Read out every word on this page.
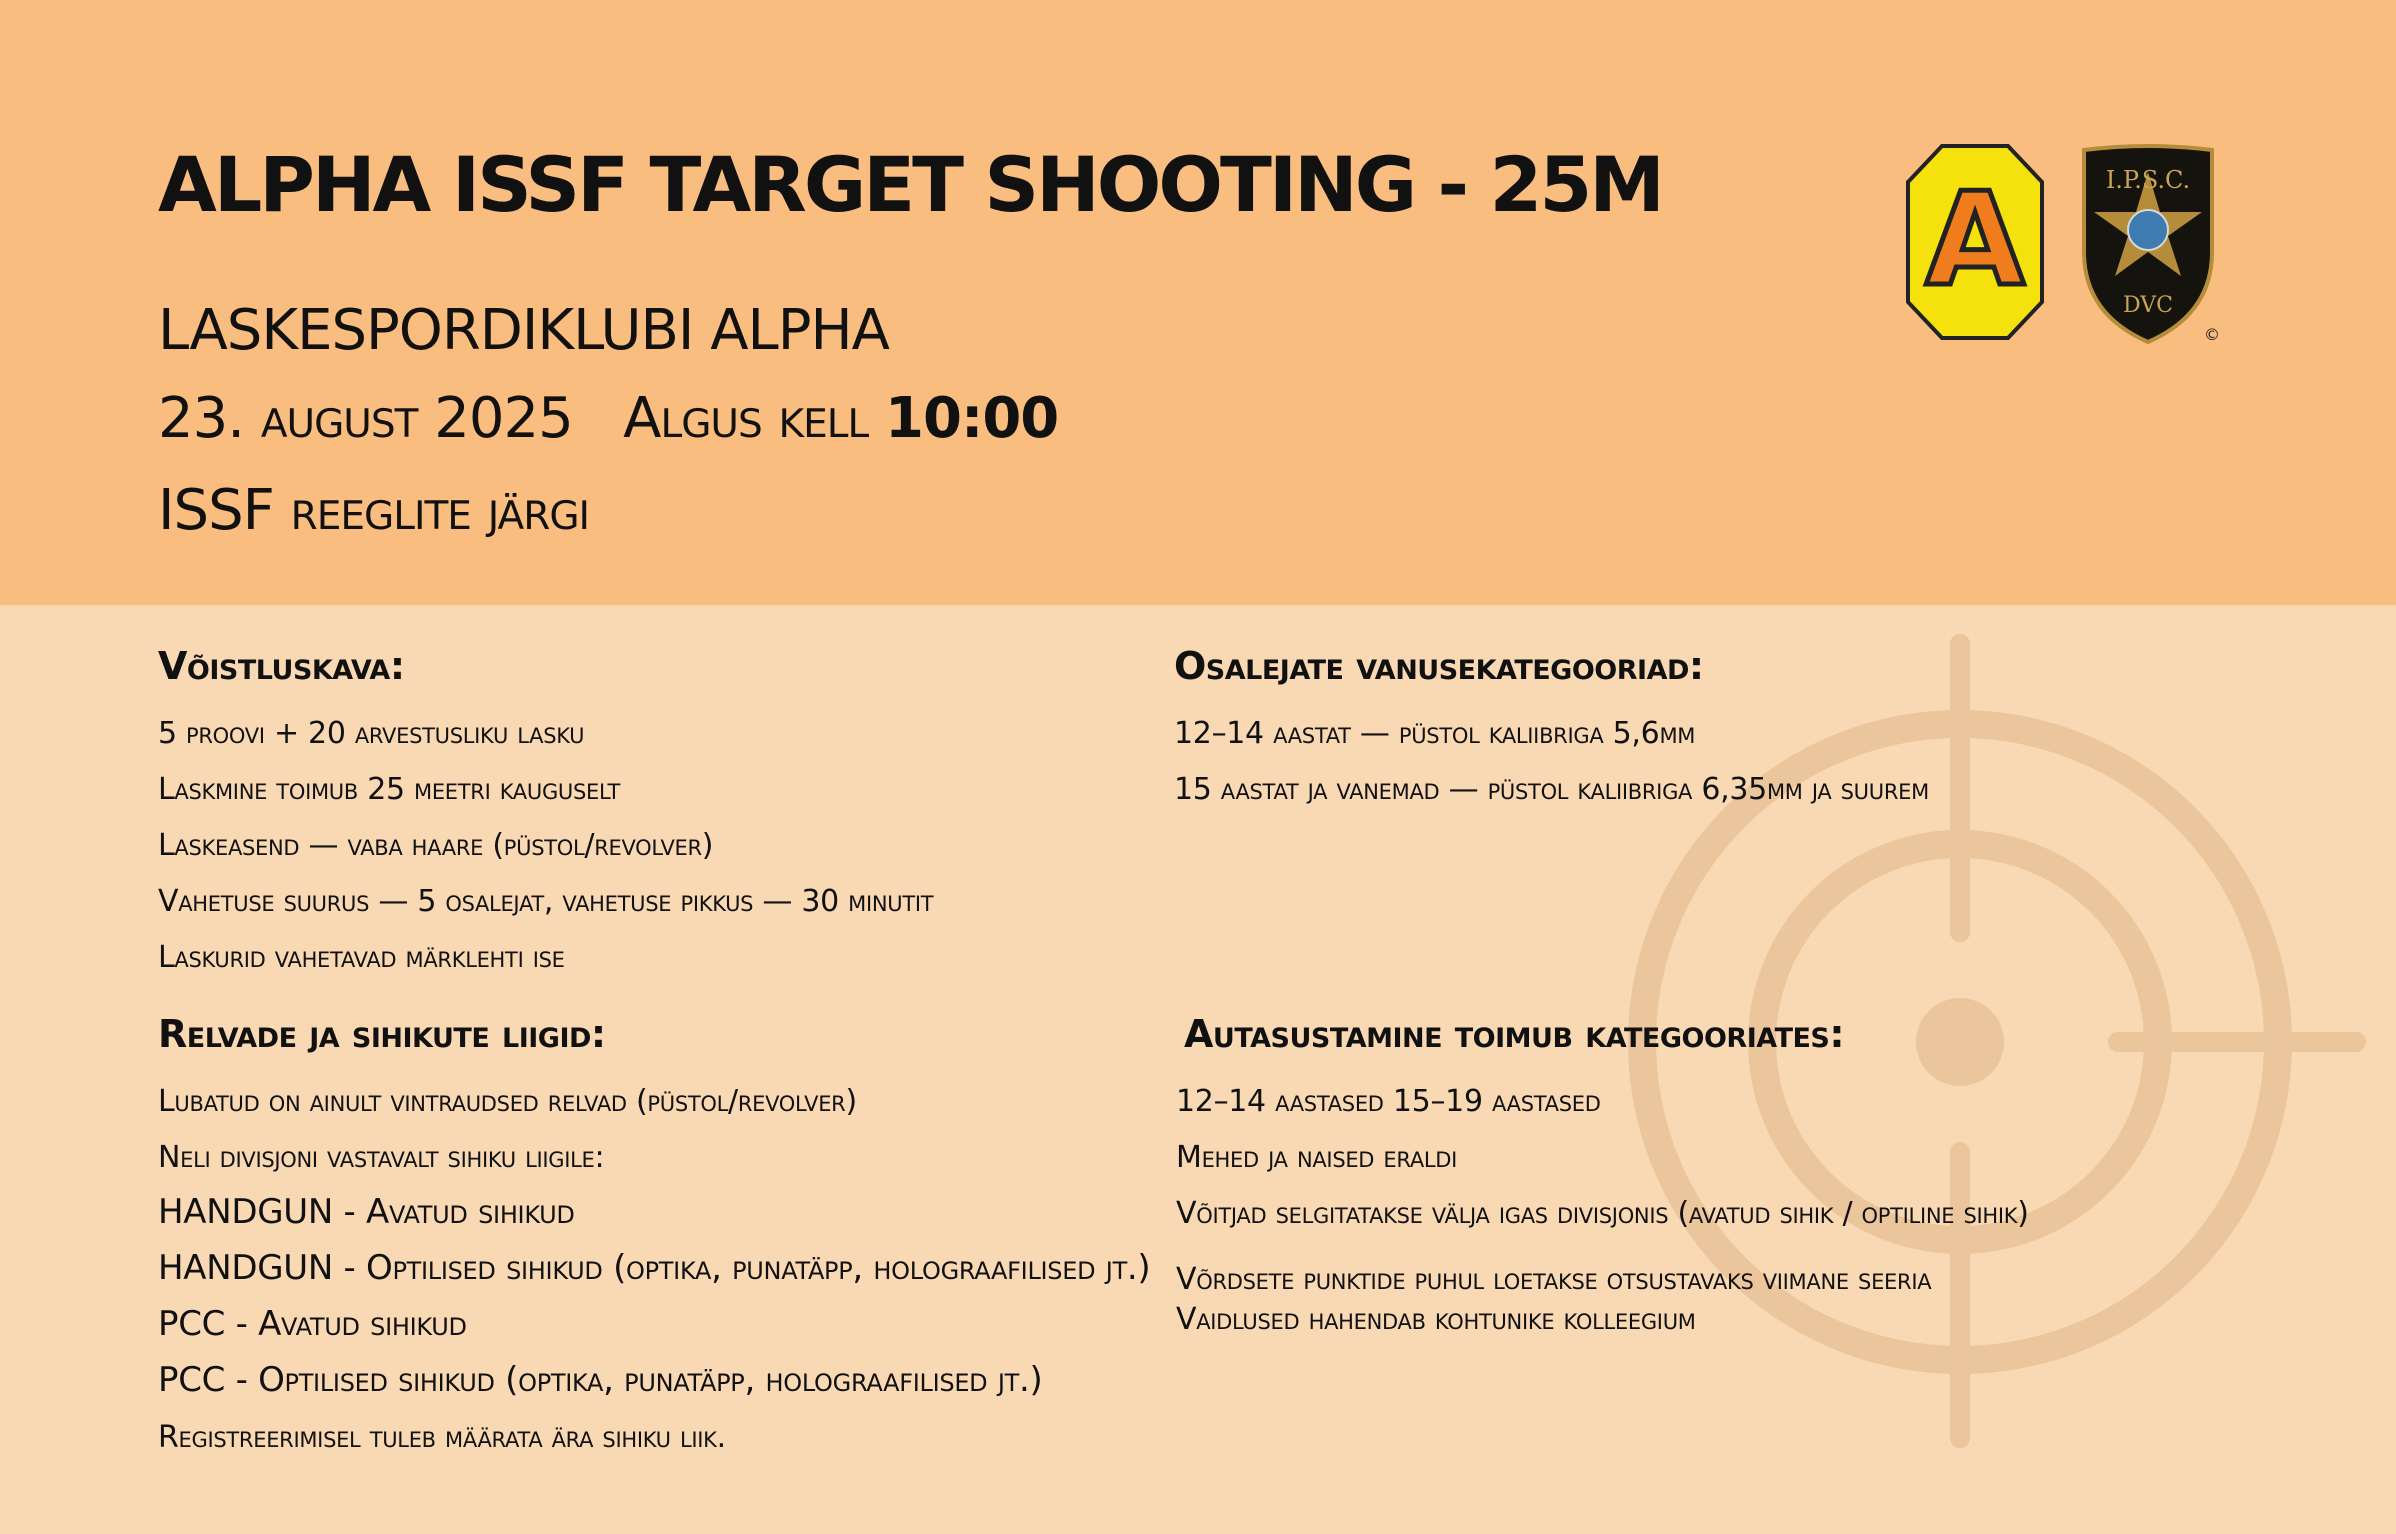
ALPHA ISSF TARGET SHOOTING - 25M
LASKESPORDIKLUBI ALPHA
23. august 2025 Algus kell 10:00
ISSF reeglite järgi
A	I.P.S.C.
DVC
©
Võistluskava:
5 proovi + 20 arvestusliku lasku
Laskmine toimub 25 meetri kauguselt
Laskeasend — vaba haare (püstol/revolver)
Vahetuse suurus — 5 osalejat, vahetuse pikkus — 30 minutit
Laskurid vahetavad märklehti ise
Osalejate vanusekategooriad:
12–14 aastat — püstol kaliibriga 5,6mm
15 aastat ja vanemad — püstol kaliibriga 6,35mm ja suurem
Relvade ja sihikute liigid:
Lubatud on ainult vintraudsed relvad (püstol/revolver)
Neli divisjoni vastavalt sihiku liigile:
HANDGUN - Avatud sihikud
HANDGUN - Optilised sihikud (optika, punatäpp, holograafilised jt.)
PCC - Avatud sihikud
PCC - Optilised sihikud (optika, punatäpp, holograafilised jt.)
Registreerimisel tuleb määrata ära sihiku liik.
Autasustamine toimub kategooriates:
12–14 aastased 15–19 aastased
Mehed ja naised eraldi
Võitjad selgitatakse välja igas divisjonis (avatud sihik / optiline sihik)
Võrdsete punktide puhul loetakse otsustavaks viimane seeria
Vaidlused hahendab kohtunike kolleegium
